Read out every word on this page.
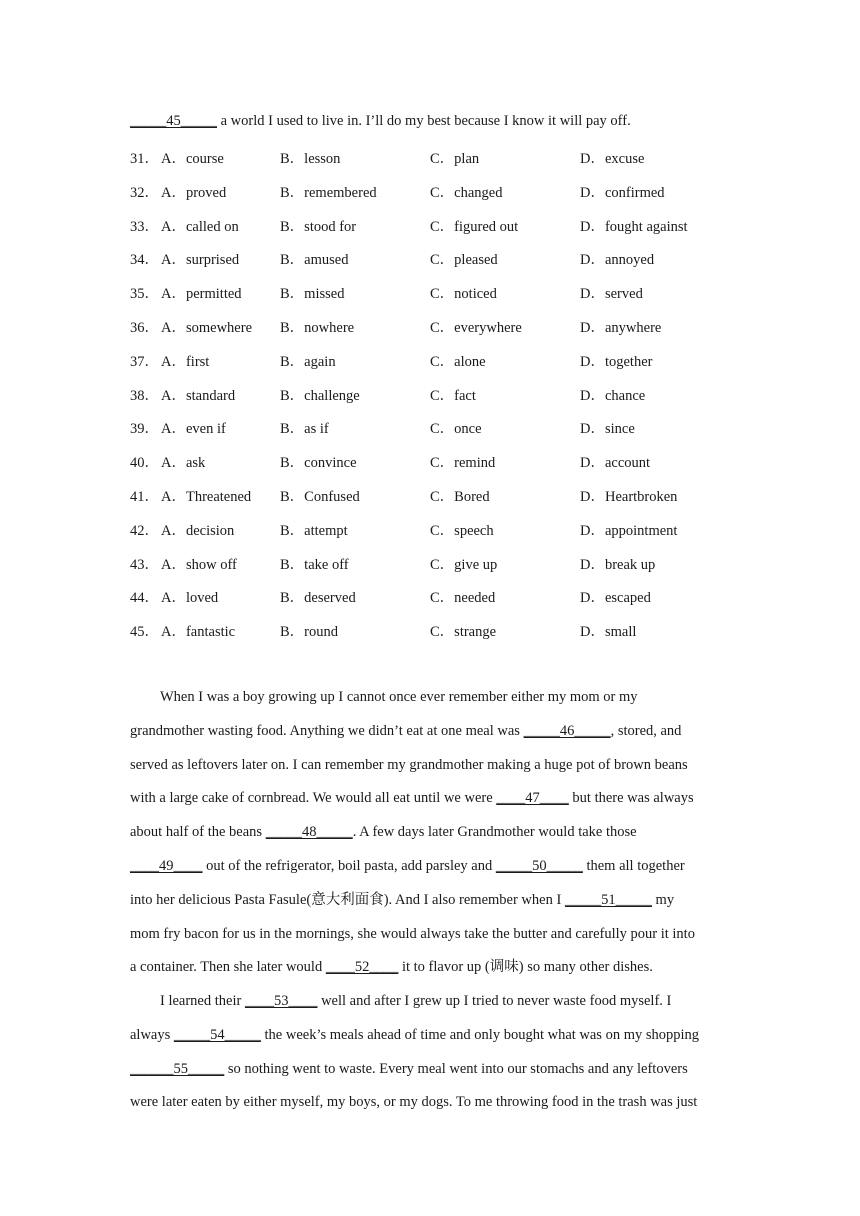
_____45_____ a world I used to live in. I’ll do my best because I know it will pay off.
31． A．course	B．lesson	C．plan	D．excuse
32． A．proved	B．remembered	C．changed	D．confirmed
33． A．called on	B．stood for	C．figured out	D．fought against
34． A．surprised	B．amused	C．pleased	D．annoyed
35． A．permitted	B．missed	C．noticed	D．served
36． A．somewhere B．nowhere	C．everywhere	D．anywhere
37． A．first	B．again	C．alone	D．together
38． A．standard	B．challenge	C．fact	D．chance
39． A．even if	B．as if	C．once	D．since
40． A．ask	B．convince	C．remind	D．account
41． A．Threatened B．Confused	C．Bored	D．Heartbroken
42． A．decision	B．attempt	C．speech	D．appointment
43． A．show off	B．take off	C．give up	D．break up
44． A．loved	B．deserved	C．needed	D．escaped
45． A．fantastic	B．round	C．strange	D．small
When I was a boy growing up I cannot once ever remember either my mom or my
grandmother wasting food. Anything we didn’t eat at one meal was _____46_____, stored, and
served as leftovers later on. I can remember my grandmother making a huge pot of brown beans
with a large cake of cornbread. We would all eat until we were ____47____ but there was always
about half of the beans _____48_____. A few days later Grandmother would take those
____49____ out of the refrigerator, boil pasta, add parsley and _____50_____ them all together
into her delicious Pasta Fasule(意大利面食). And I also remember when I _____51_____ my
mom fry bacon for us in the mornings, she would always take the butter and carefully pour it into
a container. Then she later would ____52____ it to flavor up (调味) so many other dishes.
I learned their ____53____ well and after I grew up I tried to never waste food myself. I
always _____54_____ the week’s meals ahead of time and only bought what was on my shopping
______55_____ so nothing went to waste. Every meal went into our stomachs and any leftovers
were later eaten by either myself, my boys, or my dogs. To me throwing food in the trash was just
